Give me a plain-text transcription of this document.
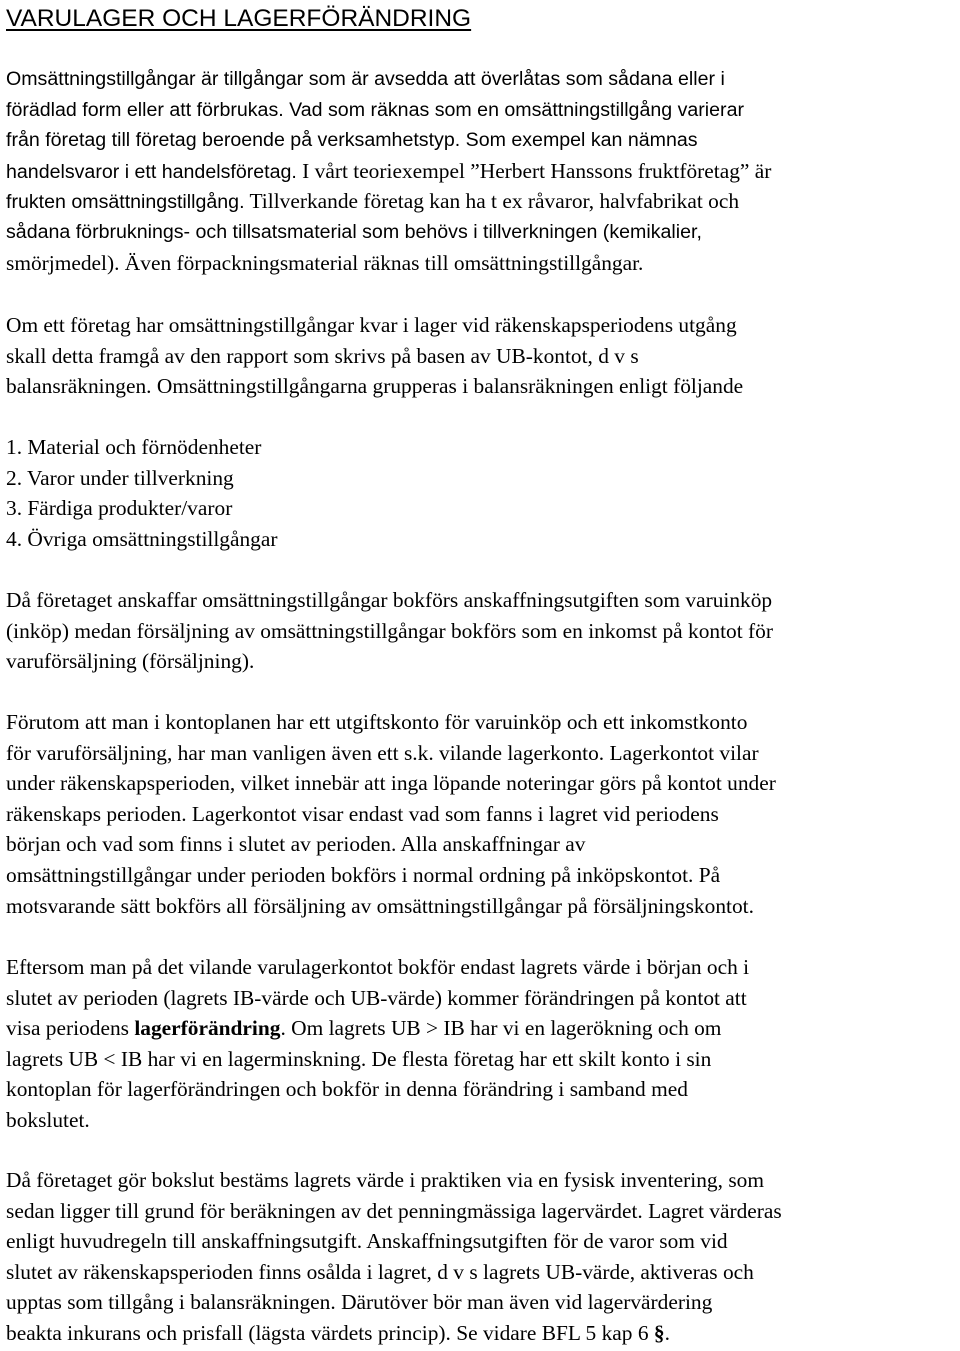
VARULAGER OCH LAGERFÖRÄNDRING
Omsättningstillgångar är tillgångar som är avsedda att överlåtas som sådana eller i
förädlad form eller att förbrukas. Vad som räknas som en omsättningstillgång varierar
från företag till företag beroende på verksamhetstyp. Som exempel kan nämnas
handelsvaror i ett handelsföretag. I vårt teoriexempel ”Herbert Hanssons fruktföretag” är
frukten omsättningstillgång. Tillverkande företag kan ha t ex råvaror, halvfabrikat och
sådana förbruknings- och tillsatsmaterial som behövs i tillverkningen (kemikalier,
smörjmedel). Även förpackningsmaterial räknas till omsättningstillgångar.
Om ett företag har omsättningstillgångar kvar i lager vid räkenskapsperiodens utgång
skall detta framgå av den rapport som skrivs på basen av UB-kontot, d v s
balansräkningen. Omsättningstillgångarna grupperas i balansräkningen enligt följande
1. Material och förnödenheter
2. Varor under tillverkning
3. Färdiga produkter/varor
4. Övriga omsättningstillgångar
Då företaget anskaffar omsättningstillgångar bokförs anskaffningsutgiften som varuinköp
(inköp) medan försäljning av omsättningstillgångar bokförs som en inkomst på kontot för
varuförsäljning (försäljning).
Förutom att man i kontoplanen har ett utgiftskonto för varuinköp och ett inkomstkonto
för varuförsäljning, har man vanligen även ett s.k. vilande lagerkonto. Lagerkontot vilar
under räkenskapsperioden, vilket innebär att inga löpande noteringar görs på kontot under
räkenskaps perioden. Lagerkontot visar endast vad som fanns i lagret vid periodens
början och vad som finns i slutet av perioden. Alla anskaffningar av
omsättningstillgångar under perioden bokförs i normal ordning på inköpskontot. På
motsvarande sätt bokförs all försäljning av omsättningstillgångar på försäljningskontot.
Eftersom man på det vilande varulagerkontot bokför endast lagrets värde i början och i
slutet av perioden (lagrets IB-värde och UB-värde) kommer förändringen på kontot att
visa periodens lagerförändring. Om lagrets UB > IB har vi en lagerökning och om
lagrets UB < IB har vi en lagerminskning. De flesta företag har ett skilt konto i sin
kontoplan för lagerförändringen och bokför in denna förändring i samband med
bokslutet.
Då företaget gör bokslut bestäms lagrets värde i praktiken via en fysisk inventering, som
sedan ligger till grund för beräkningen av det penningmässiga lagervärdet. Lagret värderas
enligt huvudregeln till anskaffningsutgift. Anskaffningsutgiften för de varor som vid
slutet av räkenskapsperioden finns osålda i lagret, d v s lagrets UB-värde, aktiveras och
upptas som tillgång i balansräkningen. Därutöver bör man även vid lagervärdering
beakta inkurans och prisfall (lägsta värdets princip). Se vidare BFL 5 kap 6 §.
